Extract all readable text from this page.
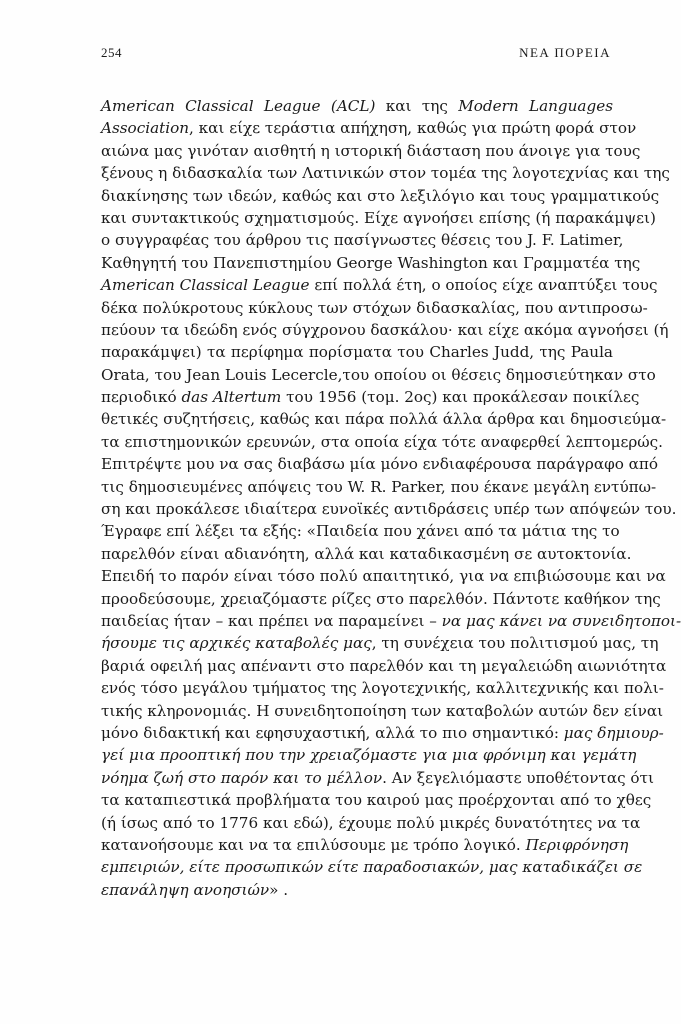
254	ΝΕΑ ΠΟΡΕΙΑ
American Classical League (ACL) και της Modern Languages
Association, και είχε τεράστια απήχηση, καθώς για πρώτη φορά στον
αιώνα μας γινόταν αισθητή η ιστορική διάσταση που άνοιγε για τους
ξένους η διδασκαλία των Λατινικών στον τομέα της λογοτεχνίας και της
διακίνησης των ιδεών, καθώς και στο λεξιλόγιο και τους γραμματικούς
και συντακτικούς σχηματισμούς. Είχε αγνοήσει επίσης (ή παρακάμψει)
ο συγγραφέας του άρθρου τις πασίγνωστες θέσεις του J. F. Latimer,
Καθηγητή του Πανεπιστημίου George Washington και Γραμματέα της
American Classical League επί πολλά έτη, ο οποίος είχε αναπτύξει τους
δέκα πολύκροτους κύκλους των στόχων διδασκαλίας, που αντιπροσω-
πεύουν τα ιδεώδη ενός σύγχρονου δασκάλου· και είχε ακόμα αγνοήσει (ή
παρακάμψει) τα περίφημα πορίσματα του Charles Judd, της Paula
Orata, του Jean Louis Lecercle,του οποίου οι θέσεις δημοσιεύτηκαν στο
περιοδικό das Altertum του 1956 (τομ. 2ος) και προκάλεσαν ποικίλες
θετικές συζητήσεις, καθώς και πάρα πολλά άλλα άρθρα και δημοσιεύμα-
τα επιστημονικών ερευνών, στα οποία είχα τότε αναφερθεί λεπτομερώς.
Επιτρέψτε μου να σας διαβάσω μία μόνο ενδιαφέρουσα παράγραφο από
τις δημοσιευμένες απόψεις του W. R. Parker, που έκανε μεγάλη εντύπω-
ση και προκάλεσε ιδιαίτερα ευνοϊκές αντιδράσεις υπέρ των απόψεών του.
Έγραφε επί λέξει τα εξής: «Παιδεία που χάνει από τα μάτια της το
παρελθόν είναι αδιανόητη, αλλά και καταδικασμένη σε αυτοκτονία.
Επειδή το παρόν είναι τόσο πολύ απαιτητικό, για να επιβιώσουμε και να
προοδεύσουμε, χρειαζόμαστε ρίζες στο παρελθόν. Πάντοτε καθήκον της
παιδείας ήταν – και πρέπει να παραμείνει – να μας κάνει να συνειδητοποι-
ήσουμε τις αρχικές καταβολές μας, τη συνέχεια του πολιτισμού μας, τη
βαριά οφειλή μας απέναντι στο παρελθόν και τη μεγαλειώδη αιωνιότητα
ενός τόσο μεγάλου τμήματος της λογοτεχνικής, καλλιτεχνικής και πολι-
τικής κληρονομιάς. Η συνειδητοποίηση των καταβολών αυτών δεν είναι
μόνο διδακτική και εφησυχαστική, αλλά το πιο σημαντικό: μας δημιουρ-
γεί μια προοπτική που την χρειαζόμαστε για μια φρόνιμη και γεμάτη
νόημα ζωή στο παρόν και το μέλλον. Αν ξεγελιόμαστε υποθέτοντας ότι
τα καταπιεστικά προβλήματα του καιρού μας προέρχονται από το χθες
(ή ίσως από το 1776 και εδώ), έχουμε πολύ μικρές δυνατότητες να τα
κατανοήσουμε και να τα επιλύσουμε με τρόπο λογικό. Περιφρόνηση
εμπειριών, είτε προσωπικών είτε παραδοσιακών, μας καταδικάζει σε
επανάληψη ανοησιών» .
